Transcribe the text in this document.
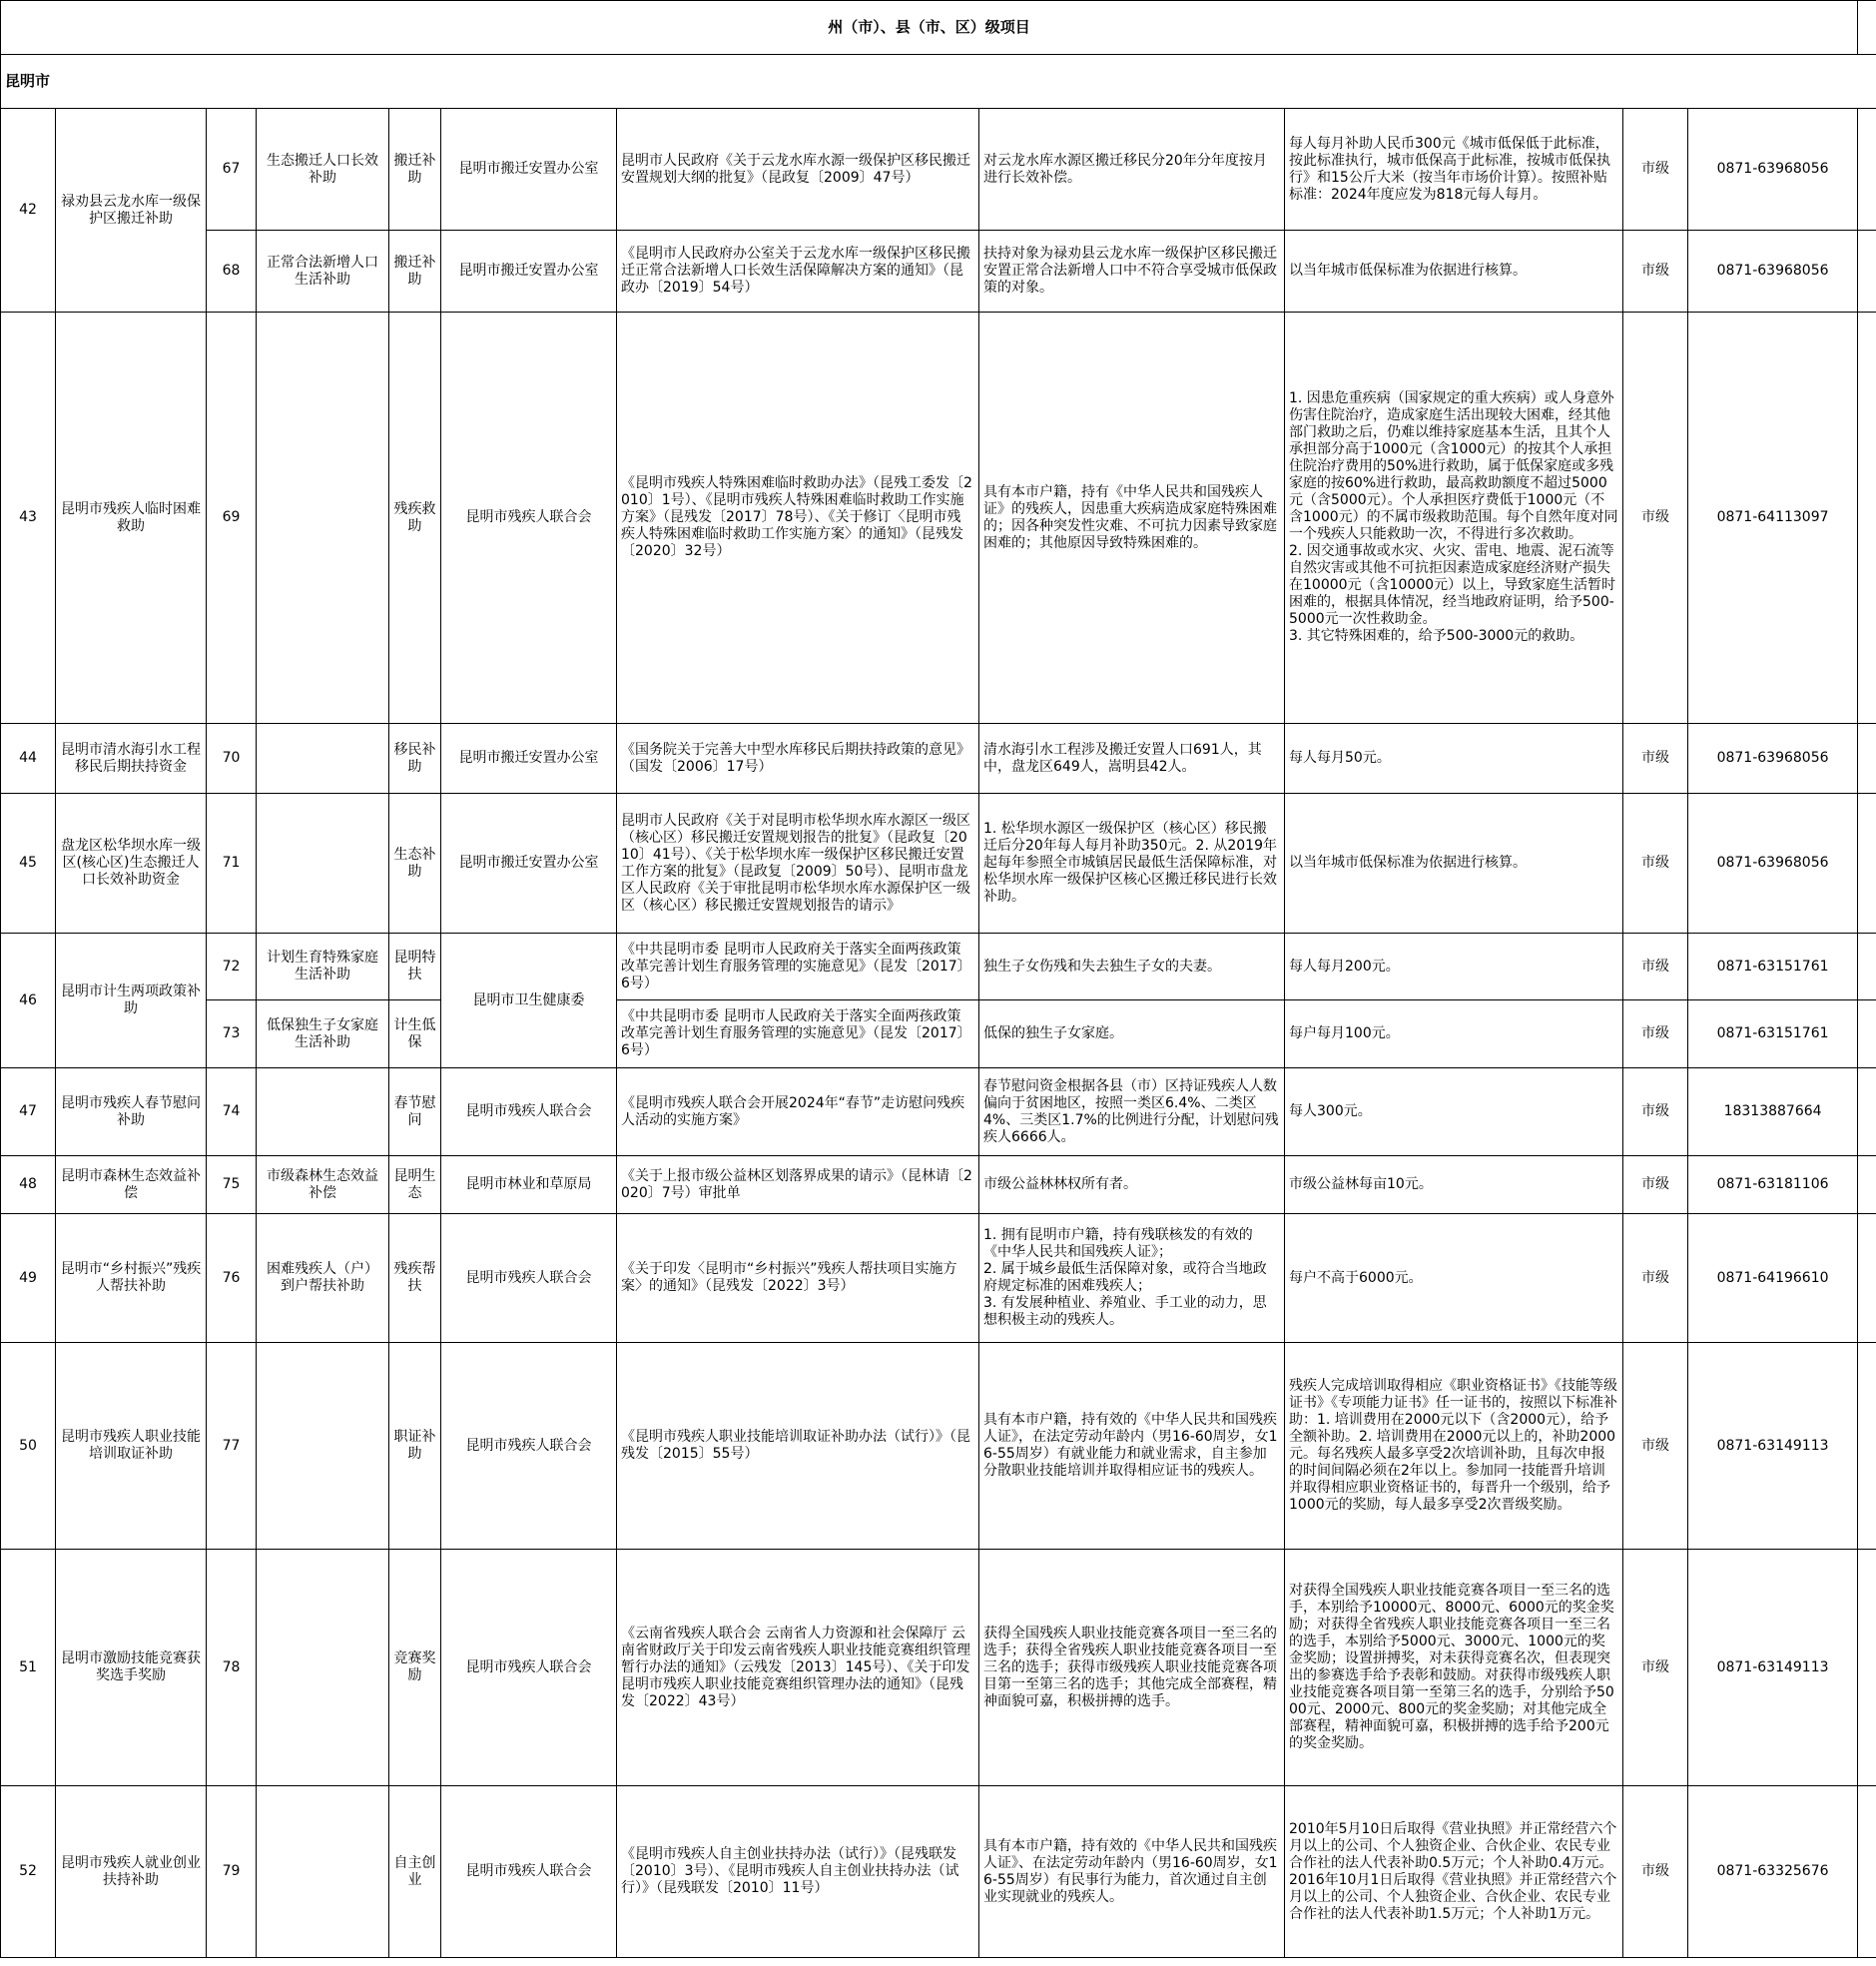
州（市）、县（市、区）级项目											
昆明市											
42	禄劝县云龙水库一级保护区搬迁补助	67	生态搬迁人口长效补助	搬迁补助	昆明市搬迁安置办公室	昆明市人民政府《关于云龙水库水源一级保护区移民搬迁安置规划大纲的批复》（昆政复〔2009〕47号）	对云龙水库水源区搬迁移民分20年分年度按月进行长效补偿。	每人每月补助人民币300元《城市低保低于此标准，按此标准执行，城市低保高于此标准，按城市低保执行》和15公斤大米（按当年市场价计算）。按照补贴标准：2024年度应发为818元每人每月。	市级	0871-63968056	
		68	正常合法新增人口生活补助	搬迁补助	昆明市搬迁安置办公室	《昆明市人民政府办公室关于云龙水库一级保护区移民搬迁正常合法新增人口长效生活保障解决方案的通知》（昆政办〔2019〕54号）	扶持对象为禄劝县云龙水库一级保护区移民搬迁安置正常合法新增人口中不符合享受城市低保政策的对象。	以当年城市低保标准为依据进行核算。	市级	0871-63968056	
43	昆明市残疾人临时困难救助	69		残疾救助	昆明市残疾人联合会	《昆明市残疾人特殊困难临时救助办法》（昆残工委发〔2010〕1号）、《昆明市残疾人特殊困难临时救助工作实施方案》（昆残发〔2017〕78号）、《关于修订〈昆明市残疾人特殊困难临时救助工作实施方案〉的通知》（昆残发〔2020〕32号）	具有本市户籍，持有《中华人民共和国残疾人证》的残疾人，因患重大疾病造成家庭特殊困难的；因各种突发性灾难、不可抗力因素导致家庭困难的；其他原因导致特殊困难的。	1. 因患危重疾病（国家规定的重大疾病）或人身意外伤害住院治疗，造成家庭生活出现较大困难，经其他部门救助之后，仍难以维持家庭基本生活，且其个人承担部分高于1000元（含1000元）的按其个人承担住院治疗费用的50%进行救助，属于低保家庭或多残家庭的按60%进行救助，最高救助额度不超过5000元（含5000元）。个人承担医疗费低于1000元（不含1000元）的不属市级救助范围。每个自然年度对同一个残疾人只能救助一次，不得进行多次救助。
2. 因交通事故或水灾、火灾、雷电、地震、泥石流等自然灾害或其他不可抗拒因素造成家庭经济财产损失在10000元（含10000元）以上，导致家庭生活暂时困难的，根据具体情况，经当地政府证明，给予500-5000元一次性救助金。
3. 其它特殊困难的，给予500-3000元的救助。	市级	0871-64113097	
44	昆明市清水海引水工程移民后期扶持资金	70		移民补助	昆明市搬迁安置办公室	《国务院关于完善大中型水库移民后期扶持政策的意见》（国发〔2006〕17号）	清水海引水工程涉及搬迁安置人口691人，其中，盘龙区649人，嵩明县42人。	每人每月50元。	市级	0871-63968056	
45	盘龙区松华坝水库一级区(核心区)生态搬迁人口长效补助资金	71		生态补助	昆明市搬迁安置办公室	昆明市人民政府《关于对昆明市松华坝水库水源区一级区（核心区）移民搬迁安置规划报告的批复》（昆政复〔2010〕41号）、《关于松华坝水库一级保护区移民搬迁安置工作方案的批复》（昆政复〔2009〕50号）、昆明市盘龙区人民政府《关于审批昆明市松华坝水库水源保护区一级区（核心区）移民搬迁安置规划报告的请示》	1. 松华坝水源区一级保护区（核心区）移民搬迁后分20年每人每月补助350元。2. 从2019年起每年参照全市城镇居民最低生活保障标准，对松华坝水库一级保护区核心区搬迁移民进行长效补助。	以当年城市低保标准为依据进行核算。	市级	0871-63968056	
46	昆明市计生两项政策补助	72	计划生育特殊家庭生活补助	昆明特扶	昆明市卫生健康委	《中共昆明市委 昆明市人民政府关于落实全面两孩政策改革完善计划生育服务管理的实施意见》（昆发〔2017〕6号）	独生子女伤残和失去独生子女的夫妻。	每人每月200元。	市级	0871-63151761	
		73	低保独生子女家庭生活补助	计生低保		《中共昆明市委 昆明市人民政府关于落实全面两孩政策改革完善计划生育服务管理的实施意见》（昆发〔2017〕6号）	低保的独生子女家庭。	每户每月100元。	市级	0871-63151761	
47	昆明市残疾人春节慰问补助	74		春节慰问	昆明市残疾人联合会	《昆明市残疾人联合会开展2024年“春节”走访慰问残疾人活动的实施方案》	春节慰问资金根据各县（市）区持证残疾人人数偏向于贫困地区，按照一类区6.4%、二类区4%、三类区1.7%的比例进行分配，计划慰问残疾人6666人。	每人300元。	市级	18313887664	
48	昆明市森林生态效益补偿	75	市级森林生态效益补偿	昆明生态	昆明市林业和草原局	《关于上报市级公益林区划落界成果的请示》（昆林请〔2020〕7号）审批单	市级公益林林权所有者。	市级公益林每亩10元。	市级	0871-63181106	
49	昆明市“乡村振兴”残疾人帮扶补助	76	困难残疾人（户）到户帮扶补助	残疾帮扶	昆明市残疾人联合会	《关于印发〈昆明市“乡村振兴”残疾人帮扶项目实施方案〉的通知》（昆残发〔2022〕3号）	1. 拥有昆明市户籍，持有残联核发的有效的《中华人民共和国残疾人证》；
2. 属于城乡最低生活保障对象，或符合当地政府规定标准的困难残疾人；
3. 有发展种植业、养殖业、手工业的动力，思想积极主动的残疾人。	每户不高于6000元。	市级	0871-64196610	
50	昆明市残疾人职业技能培训取证补助	77		职证补助	昆明市残疾人联合会	《昆明市残疾人职业技能培训取证补助办法（试行）》（昆残发〔2015〕55号）	具有本市户籍，持有效的《中华人民共和国残疾人证》，在法定劳动年龄内（男16-60周岁，女16-55周岁）有就业能力和就业需求，自主参加分散职业技能培训并取得相应证书的残疾人。	残疾人完成培训取得相应《职业资格证书》《技能等级证书》《专项能力证书》任一证书的，按照以下标准补助：1. 培训费用在2000元以下（含2000元），给予全额补助。2. 培训费用在2000元以上的，补助2000元。每名残疾人最多享受2次培训补助，且每次申报的时间间隔必须在2年以上。参加同一技能晋升培训并取得相应职业资格证书的，每晋升一个级别，给予1000元的奖励，每人最多享受2次晋级奖励。	市级	0871-63149113	
51	昆明市激励技能竞赛获奖选手奖励	78		竞赛奖励	昆明市残疾人联合会	《云南省残疾人联合会 云南省人力资源和社会保障厅 云南省财政厅关于印发云南省残疾人职业技能竞赛组织管理暂行办法的通知》（云残发〔2013〕145号）、《关于印发昆明市残疾人职业技能竞赛组织管理办法的通知》（昆残发〔2022〕43号）	获得全国残疾人职业技能竞赛各项目一至三名的选手；获得全省残疾人职业技能竞赛各项目一至三名的选手；获得市级残疾人职业技能竞赛各项目第一至第三名的选手；其他完成全部赛程，精神面貌可嘉，积极拼搏的选手。	对获得全国残疾人职业技能竞赛各项目一至三名的选手，本别给予10000元、8000元、6000元的奖金奖励；对获得全省残疾人职业技能竞赛各项目一至三名的选手，本别给予5000元、3000元、1000元的奖金奖励；设置拼搏奖，对未获得竞赛名次，但表现突出的参赛选手给予表彰和鼓励。对获得市级残疾人职业技能竞赛各项目第一至第三名的选手，分别给予5000元、2000元、800元的奖金奖励；对其他完成全部赛程，精神面貌可嘉，积极拼搏的选手给予200元的奖金奖励。	市级	0871-63149113	
52	昆明市残疾人就业创业扶持补助	79		自主创业	昆明市残疾人联合会	《昆明市残疾人自主创业扶持办法（试行）》（昆残联发〔2010〕3号）、《昆明市残疾人自主创业扶持办法（试行）》（昆残联发〔2010〕11号）	具有本市户籍，持有效的《中华人民共和国残疾人证》、在法定劳动年龄内（男16-60周岁，女16-55周岁）有民事行为能力，首次通过自主创业实现就业的残疾人。	2010年5月10日后取得《营业执照》并正常经营六个月以上的公司、个人独资企业、合伙企业、农民专业合作社的法人代表补助0.5万元；个人补助0.4万元。
2016年10月1日后取得《营业执照》并正常经营六个月以上的公司、个人独资企业、合伙企业、农民专业合作社的法人代表补助1.5万元；个人补助1万元。	市级	0871-63325676	
